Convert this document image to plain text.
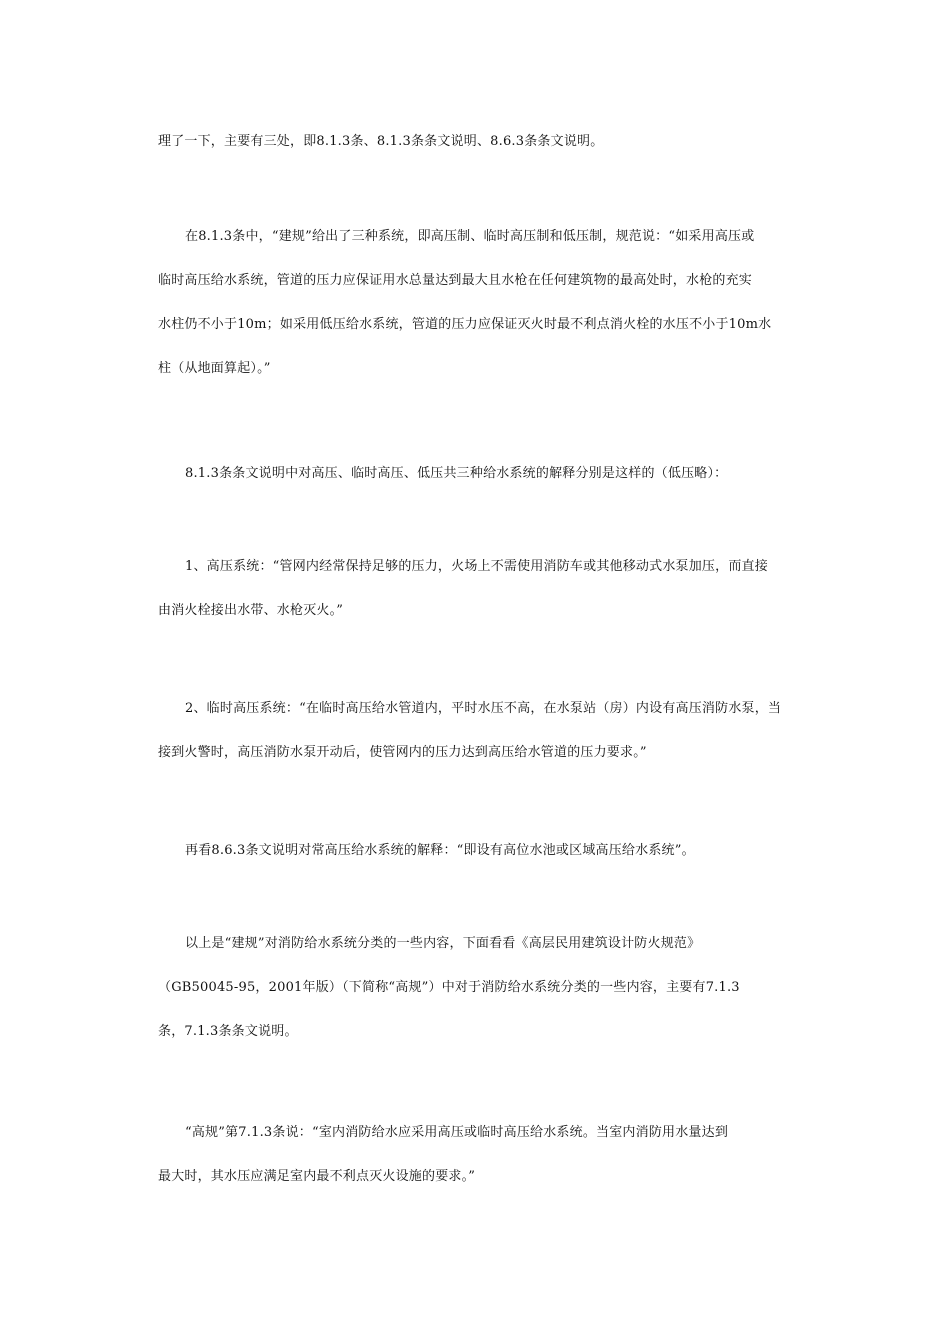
理了一下，主要有三处，即8.1.3条、8.1.3条条文说明、8.6.3条条文说明。
在8.1.3条中，“建规”给出了三种系统，即高压制、临时高压制和低压制，规范说：“如采用高压或
临时高压给水系统，管道的压力应保证用水总量达到最大且水枪在任何建筑物的最高处时，水枪的充实
水柱仍不小于10m；如采用低压给水系统，管道的压力应保证灭火时最不利点消火栓的水压不小于10m水
柱（从地面算起）。”
8.1.3条条文说明中对高压、临时高压、低压共三种给水系统的解释分别是这样的（低压略）：
1、高压系统：“管网内经常保持足够的压力，火场上不需使用消防车或其他移动式水泵加压，而直接
由消火栓接出水带、水枪灭火。”
2、临时高压系统：“在临时高压给水管道内，平时水压不高，在水泵站（房）内设有高压消防水泵，当
接到火警时，高压消防水泵开动后，使管网内的压力达到高压给水管道的压力要求。”
再看8.6.3条文说明对常高压给水系统的解释：“即设有高位水池或区域高压给水系统”。
以上是“建规”对消防给水系统分类的一些内容，下面看看《高层民用建筑设计防火规范》
（GB50045-95，2001年版）（下简称“高规”）中对于消防给水系统分类的一些内容，主要有7.1.3
条，7.1.3条条文说明。
“高规”第7.1.3条说：“室内消防给水应采用高压或临时高压给水系统。当室内消防用水量达到
最大时，其水压应满足室内最不利点灭火设施的要求。”
